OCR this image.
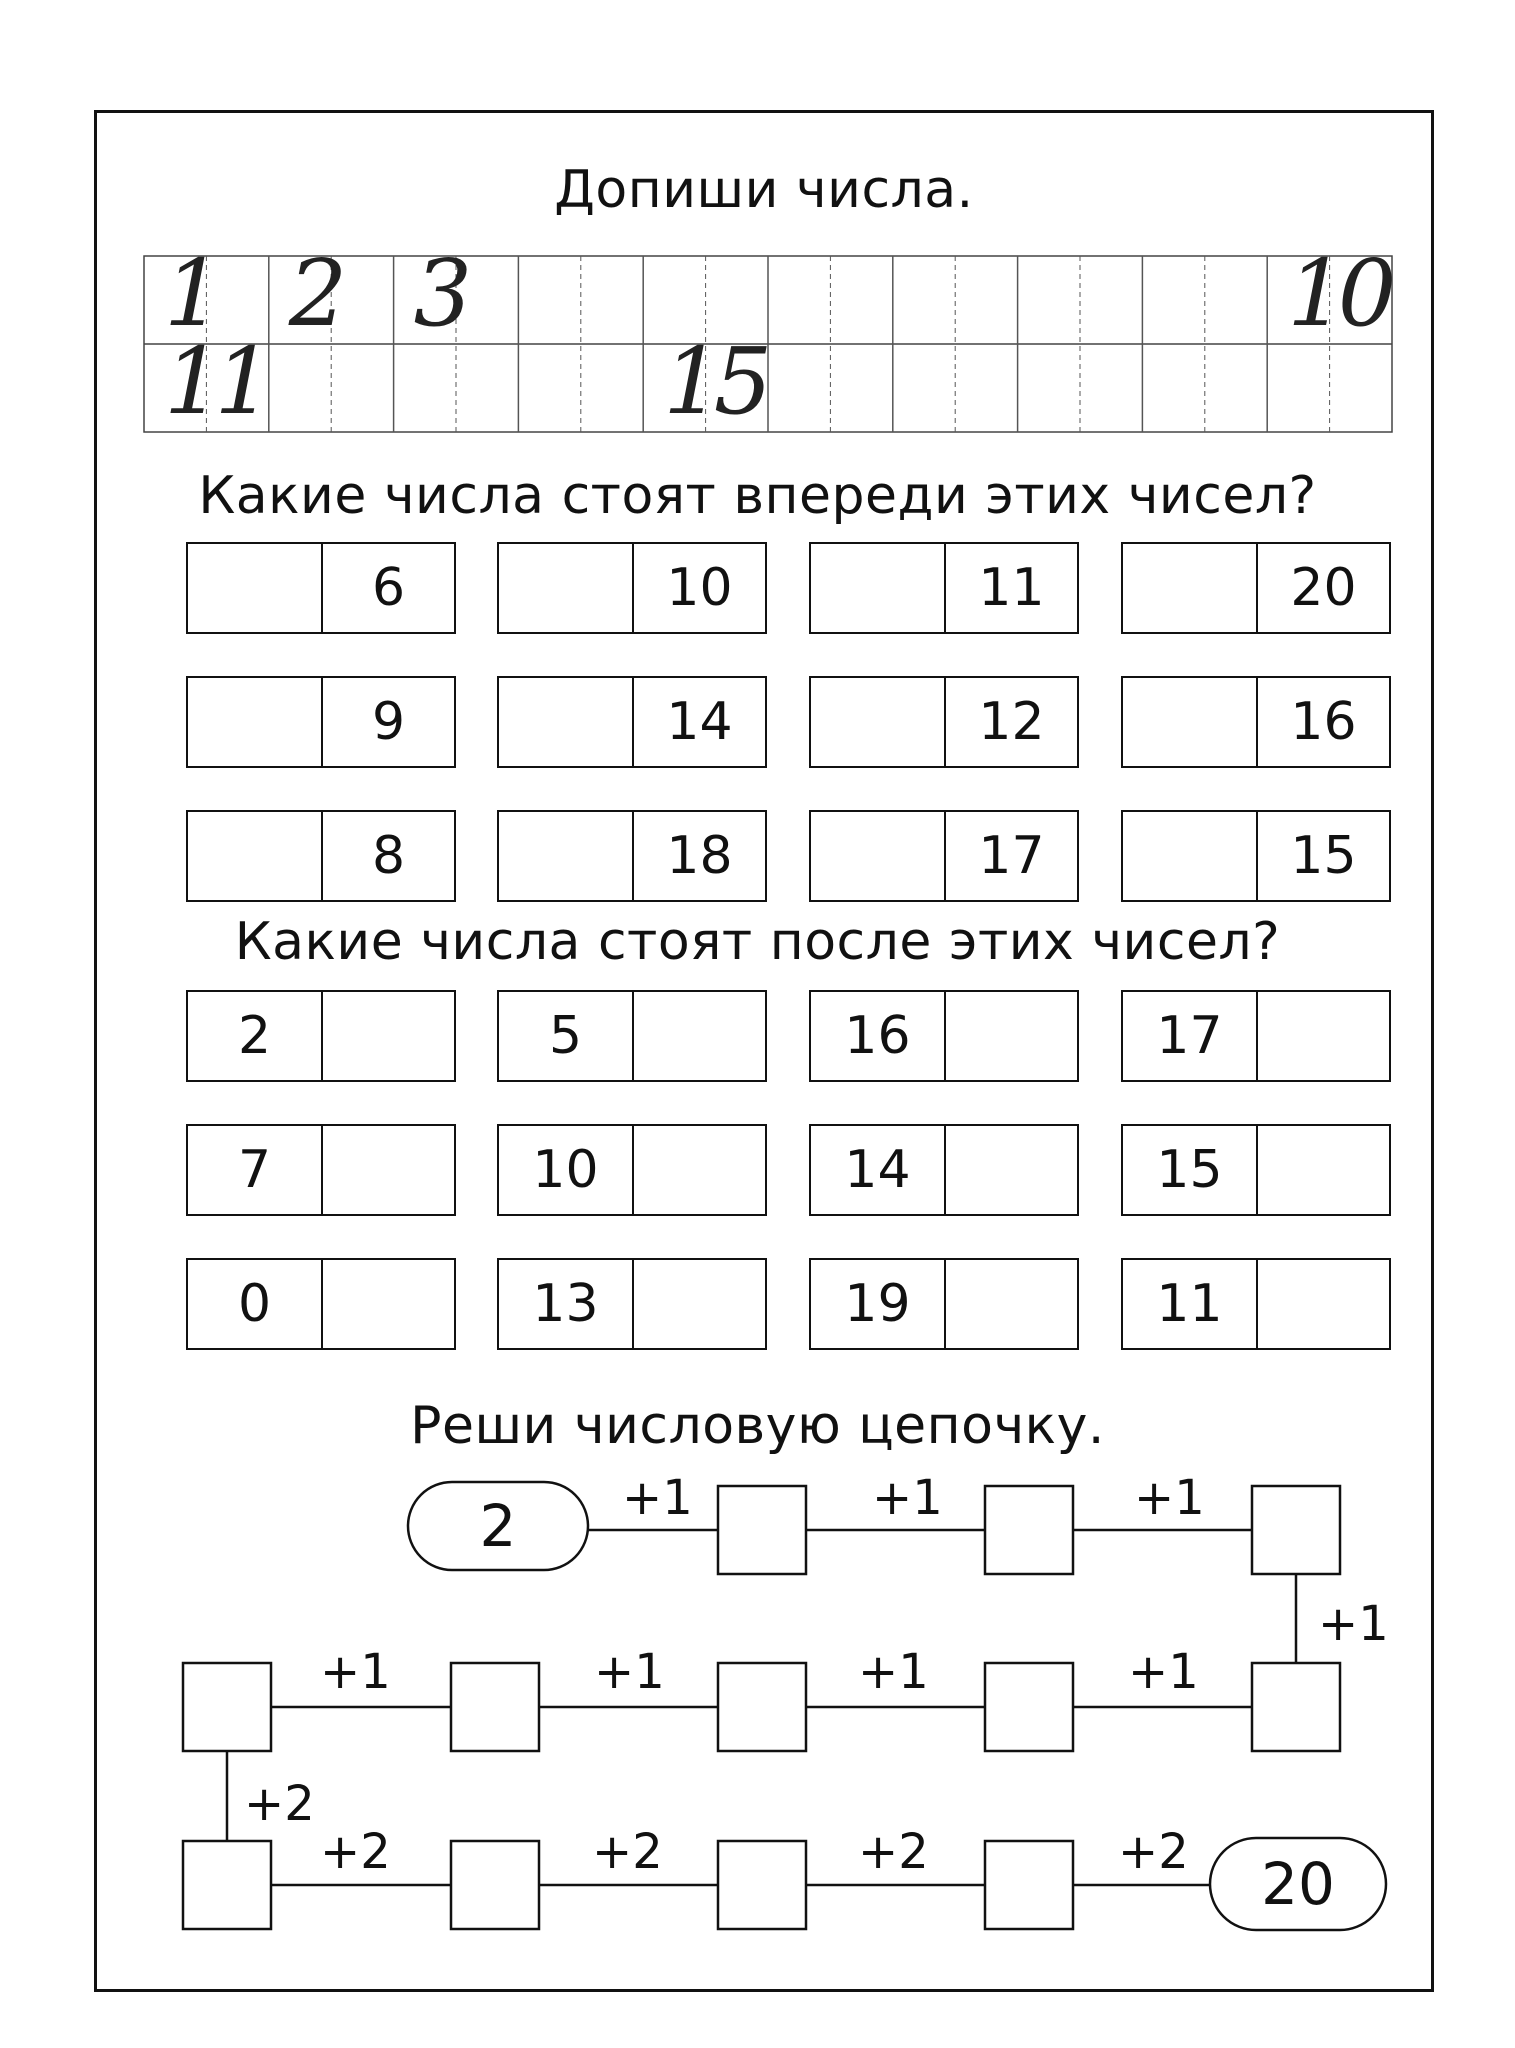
Допиши числа.
1 2 3	10
11	15
Какие числа стоят впереди этих чисел?
6	10	11	20
9	14	12	16
8	18	17	15
Какие числа стоят после этих чисел?
2	5	16	17
7	10	14	15
0	13	19	11
Реши числовую цепочку.
2
20
+1	+1	+1
+1
+1	+1	+1	+1
+2
+2	+2	+2	+2
